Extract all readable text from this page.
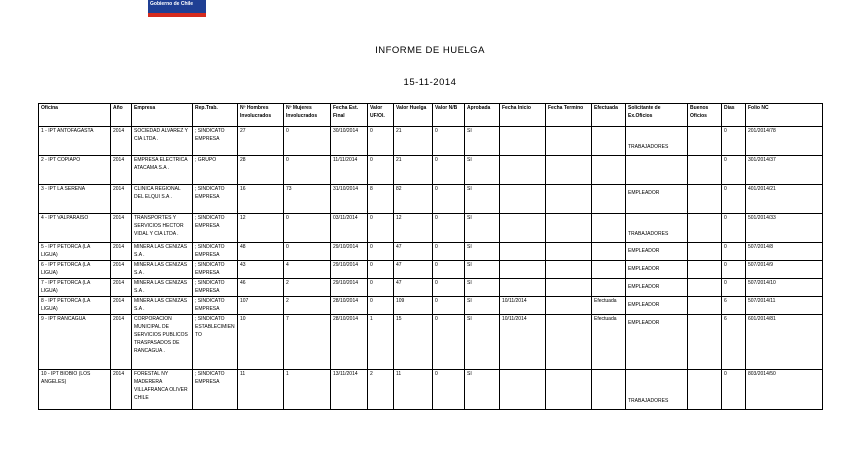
Gobierno de Chile
INFORME DE HUELGA
15-11-2014
Oficina	Año	Empresa	Rep.Trab.	Nº Hombres Involucrados	Nº Mujeres Involucrados	Fecha Est. Final	Valor UF/Ol.	Valor Huelga	Valor N/B	Aprobada	Fecha Inicio	Fecha Termino	Efectuada	Solicitante de Ex.Oficios	Buenos Oficios	Días	Folio NC
1 - IPT ANTOFAGASTA	2014	SOCIEDAD ALVAREZ Y CIA LTDA .	; SINDICATO EMPRESA	27	0	30/10/2014	0	21	0	SI				TRABAJADORES		0	201/2014/78
2 - IPT COPIAPO	2014	EMPRESA ELECTRICA ATACAMA S.A .	; GRUPO	28	0	11/11/2014	0	21	0	SI						0	301/2014/37
3 - IPT LA SERENA	2014	CLINICA REGIONAL DEL ELQUI S.A .	; SINDICATO EMPRESA	16	73	31/10/2014	8	82	0	SI				EMPLEADOR		0	401/2014/21
4 - IPT VALPARAISO	2014	TRANSPORTES Y SERVICIOS HECTOR VIDAL Y CIA LTDA .	; SINDICATO EMPRESA	12	0	03/11/2014	0	12	0	SI				TRABAJADORES		0	501/2014/33
5 - IPT PETORCA (LA LIGUA)	2014	MINERA LAS CENIZAS S.A .	; SINDICATO EMPRESA	48	0	29/10/2014	0	47	0	SI				EMPLEADOR		0	507/2014/8
6 - IPT PETORCA (LA LIGUA)	2014	MINERA LAS CENIZAS S.A .	; SINDICATO EMPRESA	43	4	29/10/2014	0	47	0	SI				EMPLEADOR		0	507/2014/9
7 - IPT PETORCA (LA LIGUA)	2014	MINERA LAS CENIZAS S.A .	; SINDICATO EMPRESA	46	2	29/10/2014	0	47	0	SI				EMPLEADOR		0	507/2014/10
8 - IPT PETORCA (LA LIGUA)	2014	MINERA LAS CENIZAS S.A .	; SINDICATO EMPRESA	107	2	28/10/2014	0	109	0	SI	10/11/2014		Efectuada	EMPLEADOR		6	507/2014/11
9 - IPT RANCAGUA	2014	CORPORACION MUNICIPAL DE SERVICIOS PUBLICOS TRASPASADOS DE RANCAGUA .	; SINDICATO ESTABLECIMIENTO	10	7	28/10/2014	1	15	0	SI	10/11/2014		Efectuada	EMPLEADOR		6	601/2014/81
10 - IPT BIOBIO (LOS ANGELES)	2014	FORESTAL NY MADERERA VILLAFRANCA OLIVER CHILE	; SINDICATO EMPRESA	11	1	13/11/2014	2	11	0	SI				TRABAJADORES		0	803/2014/50
